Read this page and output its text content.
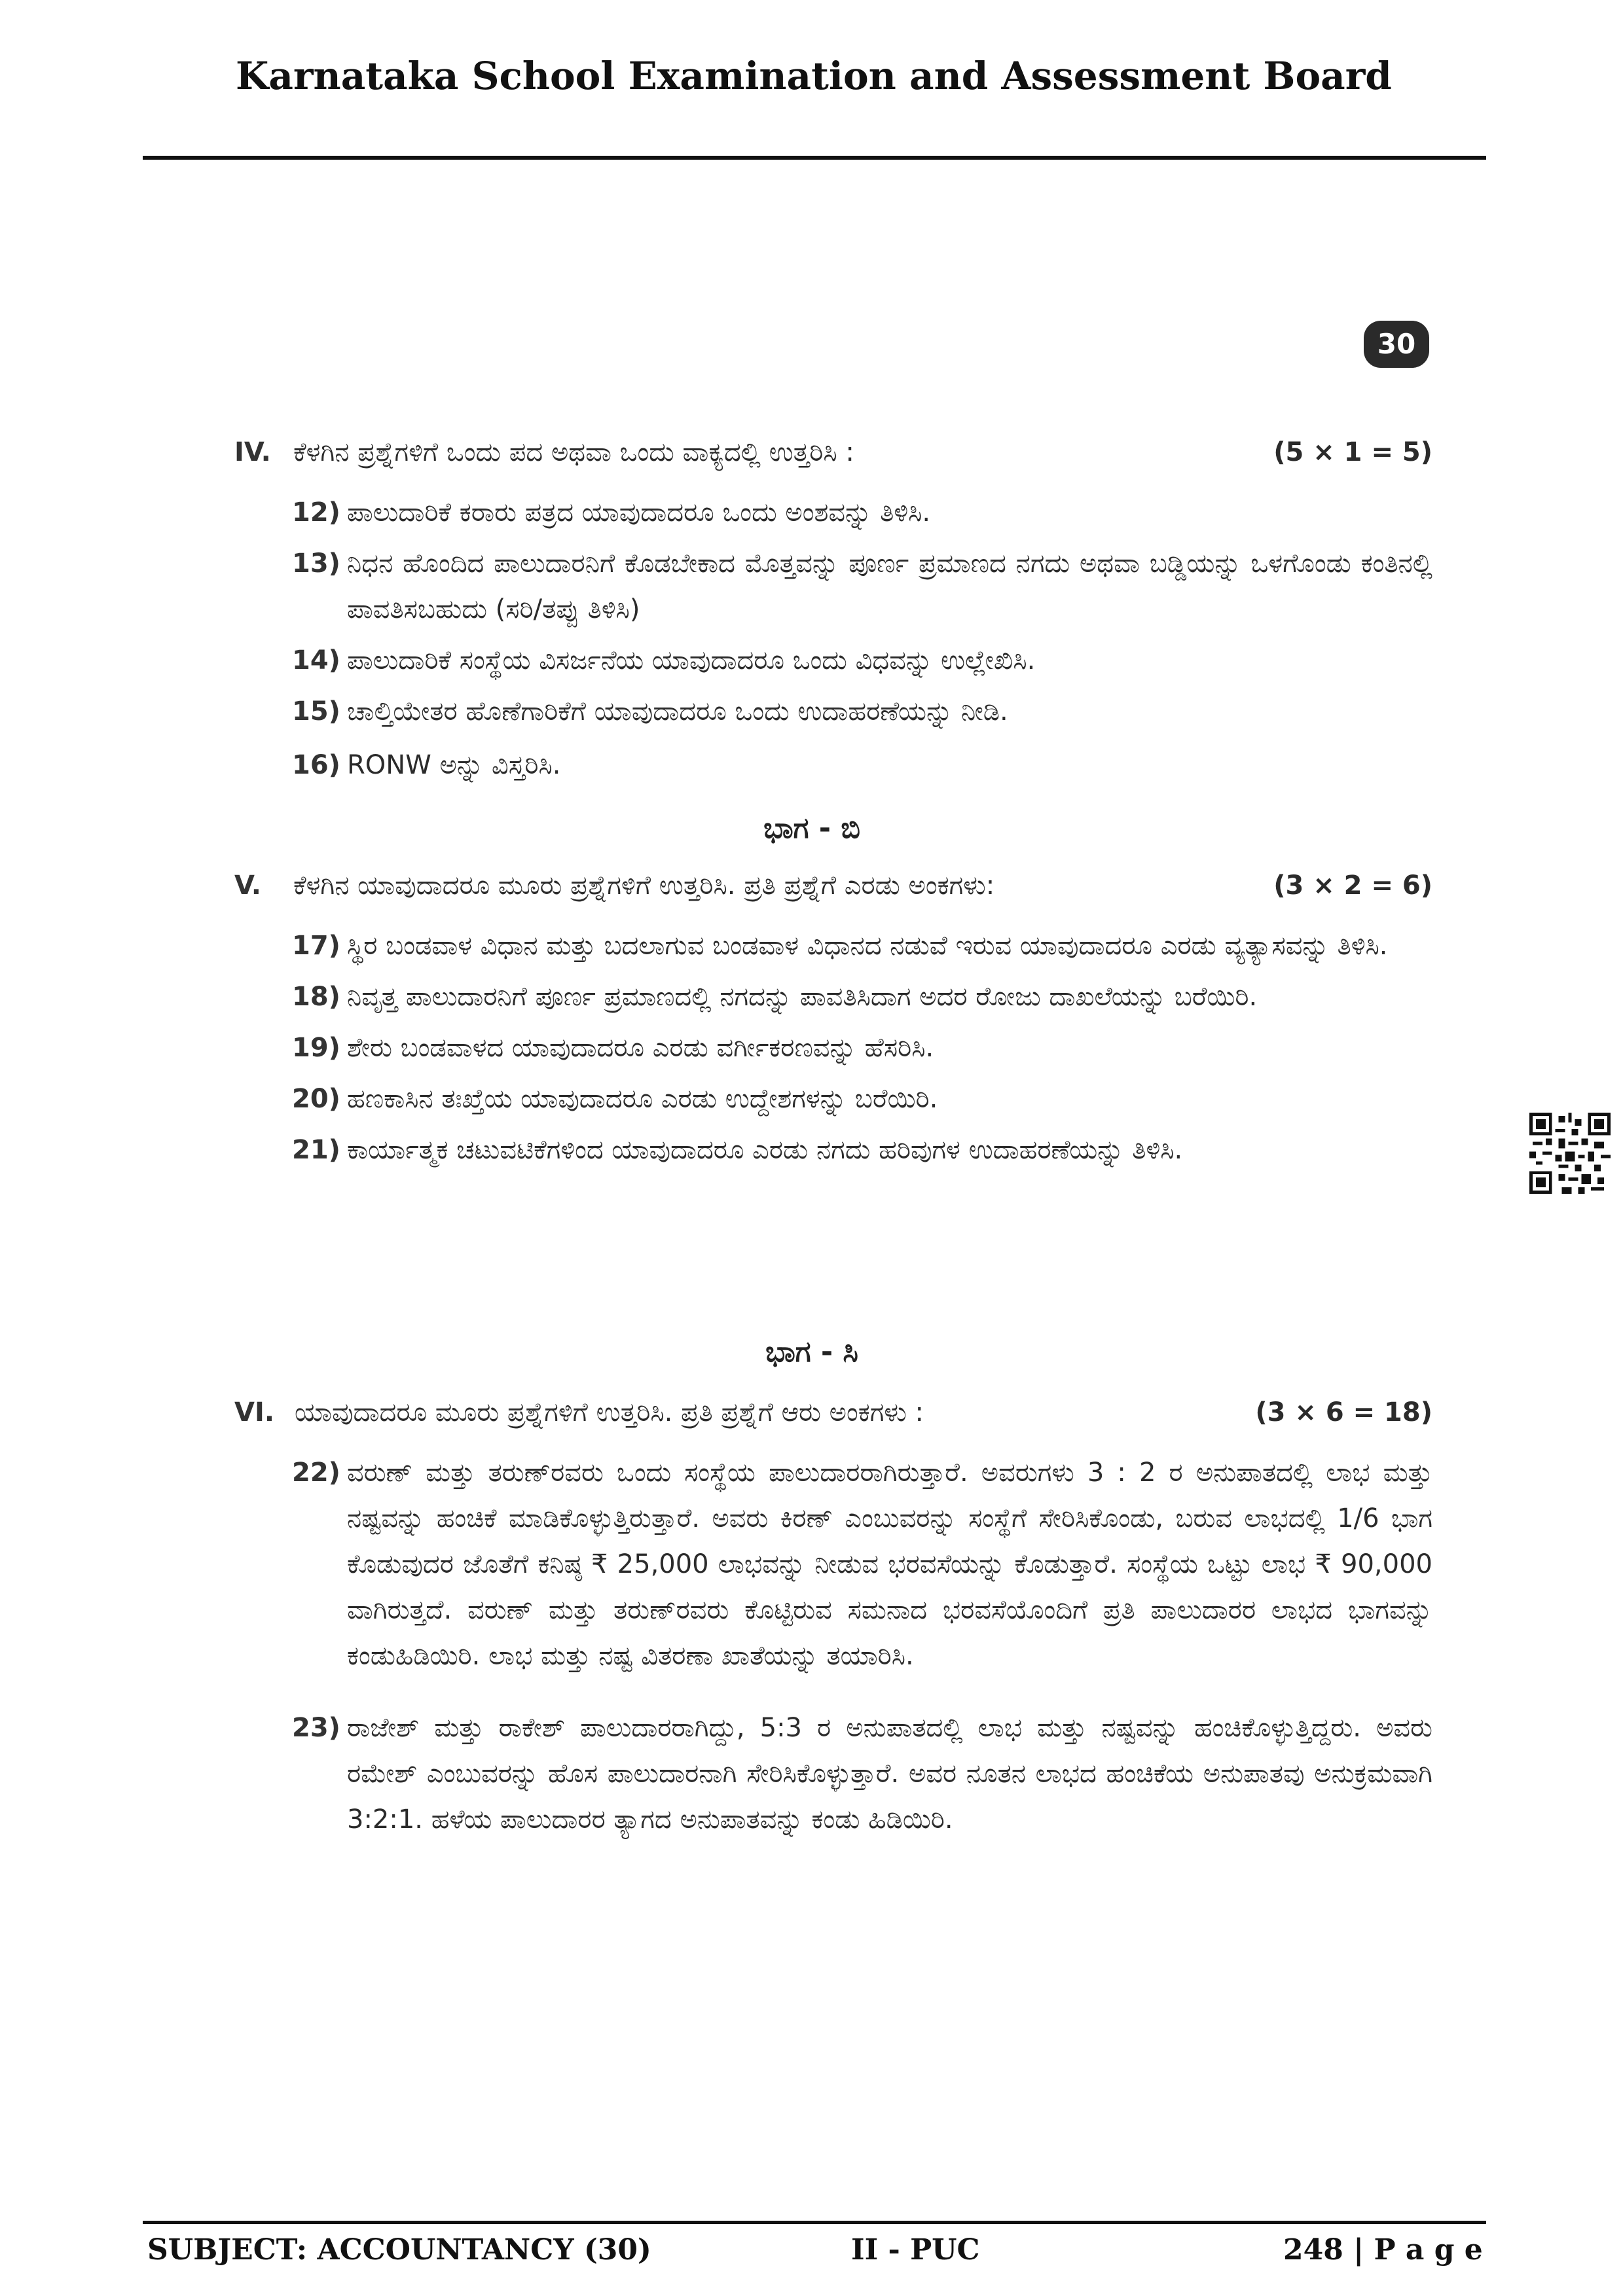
Karnataka School Examination and Assessment Board
30
IV. ಕೆಳಗಿನ ಪ್ರಶ್ನೆಗಳಿಗೆ ಒಂದು ಪದ ಅಥವಾ ಒಂದು ವಾಕ್ಯದಲ್ಲಿ ಉತ್ತರಿಸಿ :	(5 × 1 = 5)
12) ಪಾಲುದಾರಿಕೆ ಕರಾರು ಪತ್ರದ ಯಾವುದಾದರೂ ಒಂದು ಅಂಶವನ್ನು ತಿಳಿಸಿ.
13) ನಿಧನ ಹೊಂದಿದ ಪಾಲುದಾರನಿಗೆ ಕೊಡಬೇಕಾದ ಮೊತ್ತವನ್ನು ಪೂರ್ಣ ಪ್ರಮಾಣದ ನಗದು ಅಥವಾ ಬಡ್ಡಿಯನ್ನು ಒಳಗೊಂಡು ಕಂತಿನಲ್ಲಿ ಪಾವತಿಸಬಹುದು (ಸರಿ/ತಪ್ಪು ತಿಳಿಸಿ)
14) ಪಾಲುದಾರಿಕೆ ಸಂಸ್ಥೆಯ ವಿಸರ್ಜನೆಯ ಯಾವುದಾದರೂ ಒಂದು ವಿಧವನ್ನು ಉಲ್ಲೇಖಿಸಿ.
15) ಚಾಲ್ತಿಯೇತರ ಹೊಣೆಗಾರಿಕೆಗೆ ಯಾವುದಾದರೂ ಒಂದು ಉದಾಹರಣೆಯನ್ನು ನೀಡಿ.
16) RONW ಅನ್ನು ವಿಸ್ತರಿಸಿ.
ಭಾಗ - ಬಿ
V. ಕೆಳಗಿನ ಯಾವುದಾದರೂ ಮೂರು ಪ್ರಶ್ನೆಗಳಿಗೆ ಉತ್ತರಿಸಿ. ಪ್ರತಿ ಪ್ರಶ್ನೆಗೆ ಎರಡು ಅಂಕಗಳು:	(3 × 2 = 6)
17) ಸ್ಥಿರ ಬಂಡವಾಳ ವಿಧಾನ ಮತ್ತು ಬದಲಾಗುವ ಬಂಡವಾಳ ವಿಧಾನದ ನಡುವೆ ಇರುವ ಯಾವುದಾದರೂ ಎರಡು ವ್ಯತ್ಯಾಸವನ್ನು ತಿಳಿಸಿ.
18) ನಿವೃತ್ತ ಪಾಲುದಾರನಿಗೆ ಪೂರ್ಣ ಪ್ರಮಾಣದಲ್ಲಿ ನಗದನ್ನು ಪಾವತಿಸಿದಾಗ ಅದರ ರೋಜು ದಾಖಲೆಯನ್ನು ಬರೆಯಿರಿ.
19) ಶೇರು ಬಂಡವಾಳದ ಯಾವುದಾದರೂ ಎರಡು ವರ್ಗೀಕರಣವನ್ನು ಹೆಸರಿಸಿ.
20) ಹಣಕಾಸಿನ ತಃಖ್ತೆಯ ಯಾವುದಾದರೂ ಎರಡು ಉದ್ದೇಶಗಳನ್ನು ಬರೆಯಿರಿ.
21) ಕಾರ್ಯಾತ್ಮಕ ಚಟುವಟಿಕೆಗಳಿಂದ ಯಾವುದಾದರೂ ಎರಡು ನಗದು ಹರಿವುಗಳ ಉದಾಹರಣೆಯನ್ನು ತಿಳಿಸಿ.
ಭಾಗ - ಸಿ
VI. ಯಾವುದಾದರೂ ಮೂರು ಪ್ರಶ್ನೆಗಳಿಗೆ ಉತ್ತರಿಸಿ. ಪ್ರತಿ ಪ್ರಶ್ನೆಗೆ ಆರು ಅಂಕಗಳು :	(3 × 6 = 18)
22) ವರುಣ್ ಮತ್ತು ತರುಣ್‌ರವರು ಒಂದು ಸಂಸ್ಥೆಯ ಪಾಲುದಾರರಾಗಿರುತ್ತಾರೆ. ಅವರುಗಳು 3 : 2 ರ ಅನುಪಾತದಲ್ಲಿ ಲಾಭ ಮತ್ತು ನಷ್ಟವನ್ನು ಹಂಚಿಕೆ ಮಾಡಿಕೊಳ್ಳುತ್ತಿರುತ್ತಾರೆ. ಅವರು ಕಿರಣ್ ಎಂಬುವರನ್ನು ಸಂಸ್ಥೆಗೆ ಸೇರಿಸಿಕೊಂಡು, ಬರುವ ಲಾಭದಲ್ಲಿ 1/6 ಭಾಗ ಕೊಡುವುದರ ಜೊತೆಗೆ ಕನಿಷ್ಠ ₹ 25,000 ಲಾಭವನ್ನು ನೀಡುವ ಭರವಸೆಯನ್ನು ಕೊಡುತ್ತಾರೆ. ಸಂಸ್ಥೆಯ ಒಟ್ಟು ಲಾಭ ₹ 90,000 ವಾಗಿರುತ್ತದೆ. ವರುಣ್ ಮತ್ತು ತರುಣ್‌ರವರು ಕೊಟ್ಟಿರುವ ಸಮನಾದ ಭರವಸೆಯೊಂದಿಗೆ ಪ್ರತಿ ಪಾಲುದಾರರ ಲಾಭದ ಭಾಗವನ್ನು ಕಂಡುಹಿಡಿಯಿರಿ. ಲಾಭ ಮತ್ತು ನಷ್ಟ ವಿತರಣಾ ಖಾತೆಯನ್ನು ತಯಾರಿಸಿ.
23) ರಾಜೇಶ್ ಮತ್ತು ರಾಕೇಶ್ ಪಾಲುದಾರರಾಗಿದ್ದು, 5:3 ರ ಅನುಪಾತದಲ್ಲಿ ಲಾಭ ಮತ್ತು ನಷ್ಟವನ್ನು ಹಂಚಿಕೊಳ್ಳುತ್ತಿದ್ದರು. ಅವರು ರಮೇಶ್ ಎಂಬುವರನ್ನು ಹೊಸ ಪಾಲುದಾರನಾಗಿ ಸೇರಿಸಿಕೊಳ್ಳುತ್ತಾರೆ. ಅವರ ನೂತನ ಲಾಭದ ಹಂಚಿಕೆಯ ಅನುಪಾತವು ಅನುಕ್ರಮವಾಗಿ 3:2:1. ಹಳೆಯ ಪಾಲುದಾರರ ತ್ಯಾಗದ ಅನುಪಾತವನ್ನು ಕಂಡು ಹಿಡಿಯಿರಿ.
SUBJECT: ACCOUNTANCY (30)	II - PUC	248 | P a g e
